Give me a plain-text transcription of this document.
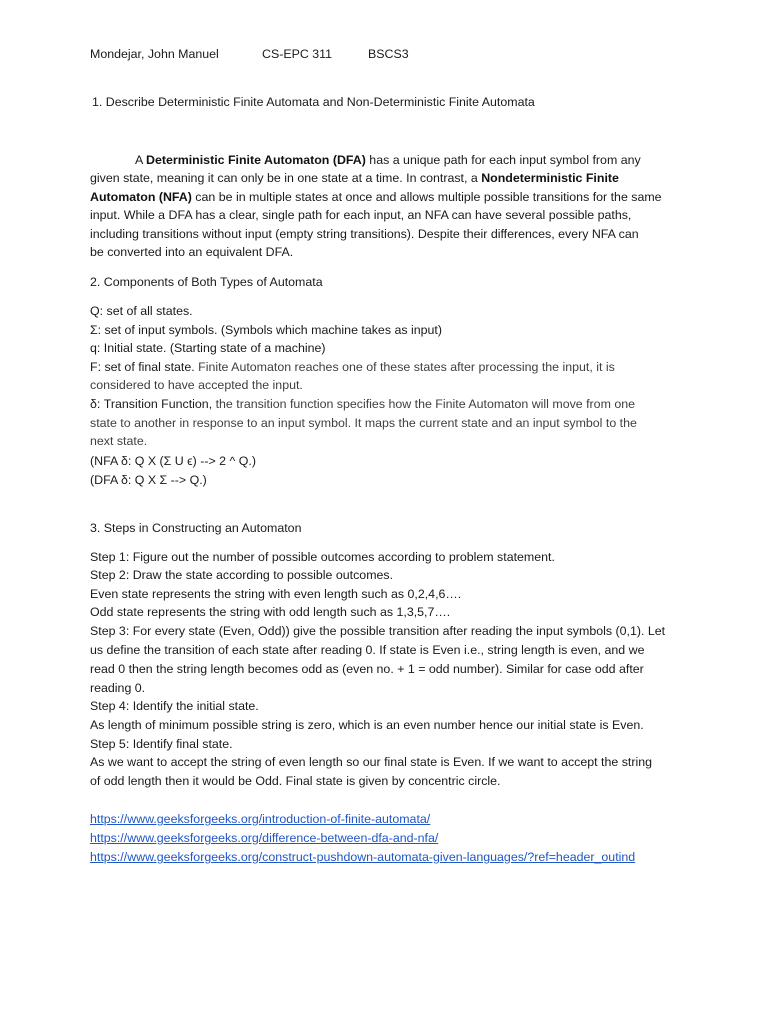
Mondejar, John Manuel	CS-EPC 311	BSCS3
1. Describe Deterministic Finite Automata and Non-Deterministic Finite Automata
A Deterministic Finite Automaton (DFA) has a unique path for each input symbol from any
given state, meaning it can only be in one state at a time. In contrast, a Nondeterministic Finite
Automaton (NFA) can be in multiple states at once and allows multiple possible transitions for the same
input. While a DFA has a clear, single path for each input, an NFA can have several possible paths,
including transitions without input (empty string transitions). Despite their differences, every NFA can
be converted into an equivalent DFA.
2. Components of Both Types of Automata
Q: set of all states.
Σ: set of input symbols. (Symbols which machine takes as input)
q: Initial state. (Starting state of a machine)
F: set of final state. Finite Automaton reaches one of these states after processing the input, it is
considered to have accepted the input.
δ: Transition Function, the transition function specifies how the Finite Automaton will move from one
state to another in response to an input symbol. It maps the current state and an input symbol to the
next state.
(NFA δ: Q X (Σ U ϵ) --> 2 ^ Q.)
(DFA δ: Q X Σ --> Q.)
3. Steps in Constructing an Automaton
Step 1: Figure out the number of possible outcomes according to problem statement.
Step 2: Draw the state according to possible outcomes.
Even state represents the string with even length such as 0,2,4,6….
Odd state represents the string with odd length such as 1,3,5,7….
Step 3: For every state (Even, Odd)) give the possible transition after reading the input symbols (0,1). Let
us define the transition of each state after reading 0. If state is Even i.e., string length is even, and we
read 0 then the string length becomes odd as (even no. + 1 = odd number). Similar for case odd after
reading 0.
Step 4: Identify the initial state.
As length of minimum possible string is zero, which is an even number hence our initial state is Even.
Step 5: Identify final state.
As we want to accept the string of even length so our final state is Even. If we want to accept the string
of odd length then it would be Odd. Final state is given by concentric circle.
https://www.geeksforgeeks.org/introduction-of-finite-automata/
https://www.geeksforgeeks.org/difference-between-dfa-and-nfa/
https://www.geeksforgeeks.org/construct-pushdown-automata-given-languages/?ref=header_outind
